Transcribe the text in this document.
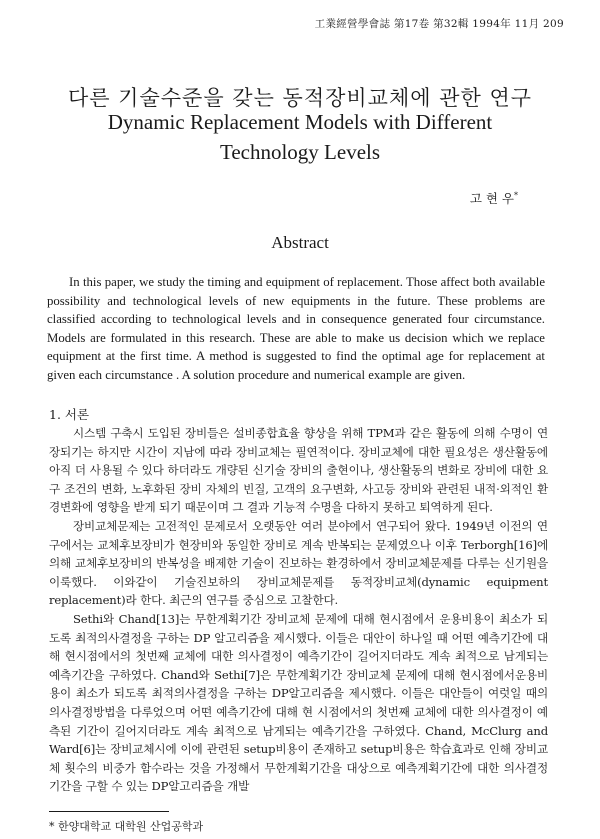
工業經營學會誌 第17卷 第32輯 1994年 11月 209
다른 기술수준을 갖는 동적장비교체에 관한 연구
Dynamic Replacement Models with Different
Technology Levels
고 현 우*
Abstract
In this paper, we study the timing and equipment of replacement. Those affect both available possibility and technological levels of new equipments in the future. These problems are classified according to technological levels and in consequence generated four circumstance. Models are formulated in this research. These are able to make us decision which we replace equipment at the first time. A method is suggested to find the optimal age for replacement at given each circumstance . A solution procedure and numerical example are given.
1. 서론

시스템 구축시 도입된 장비들은 설비종합효율 향상을 위해 TPM과 같은 활동에 의해 수명이 연장되기는 하지만 시간이 지남에 따라 장비교체는 필연적이다. 장비교체에 대한 필요성은 생산활동에 아직 더 사용될 수 있다 하더라도 개량된 신기술 장비의 출현이나, 생산활동의 변화로 장비에 대한 요구 조건의 변화, 노후화된 장비 자체의 빈질, 고객의 요구변화, 사고등 장비와 관련된 내적·외적인 환경변화에 영향을 받게 되기 때문이며 그 결과 기능적 수명을 다하지 못하고 퇴역하게 된다.

장비교체문제는 고전적인 문제로서 오랫동안 여러 분야에서 연구되어 왔다. 1949년 이전의 연구에서는 교체후보장비가 현장비와 동일한 장비로 계속 반복되는 문제였으나 이후 Terborgh[16]에 의해 교체후보장비의 반복성을 배제한 기술이 진보하는 환경하에서 장비교체문제를 다루는 신기원을 이룩했다. 이와같이 기술진보하의 장비교체문제를 동적장비교체(dynamic equipment replacement)라 한다. 최근의 연구를 중심으로 고찰한다.

Sethi와 Chand[13]는 무한계획기간 장비교체 문제에 대해 현시점에서 운용비용이 최소가 되도록 최적의사결정을 구하는 DP 알고리즘을 제시했다. 이들은 대안이 하나일 때 어떤 예측기간에 대해 현시점에서의 첫번째 교체에 대한 의사결정이 예측기간이 길어지더라도 계속 최적으로 남게되는 예측기간을 구하였다. Chand와 Sethi[7]은 무한계획기간 장비교체 문제에 대해 현시점에서운용비용이 최소가 되도록 최적의사결정을 구하는 DP알고리즘을 제시했다. 이들은 대안들이 여럿일 때의 의사결정방법을 다루었으며 어떤 예측기간에 대해 현 시점에서의 첫번째 교체에 대한 의사결정이 예측된 기간이 길어지더라도 계속 최적으로 남게되는 예측기간을 구하였다. Chand, McClurg and Ward[6]는 장비교체시에 이에 관련된 setup비용이 존재하고 setup비용은 학습효과로 인해 장비교체 횟수의 비중가 함수라는 것을 가정해서 무한계획기간을 대상으로 예측계획기간에 대한 의사결정 기간을 구할 수 있는 DP알고리즘을 개발

* 한양대학교 대학원 산업공학과
